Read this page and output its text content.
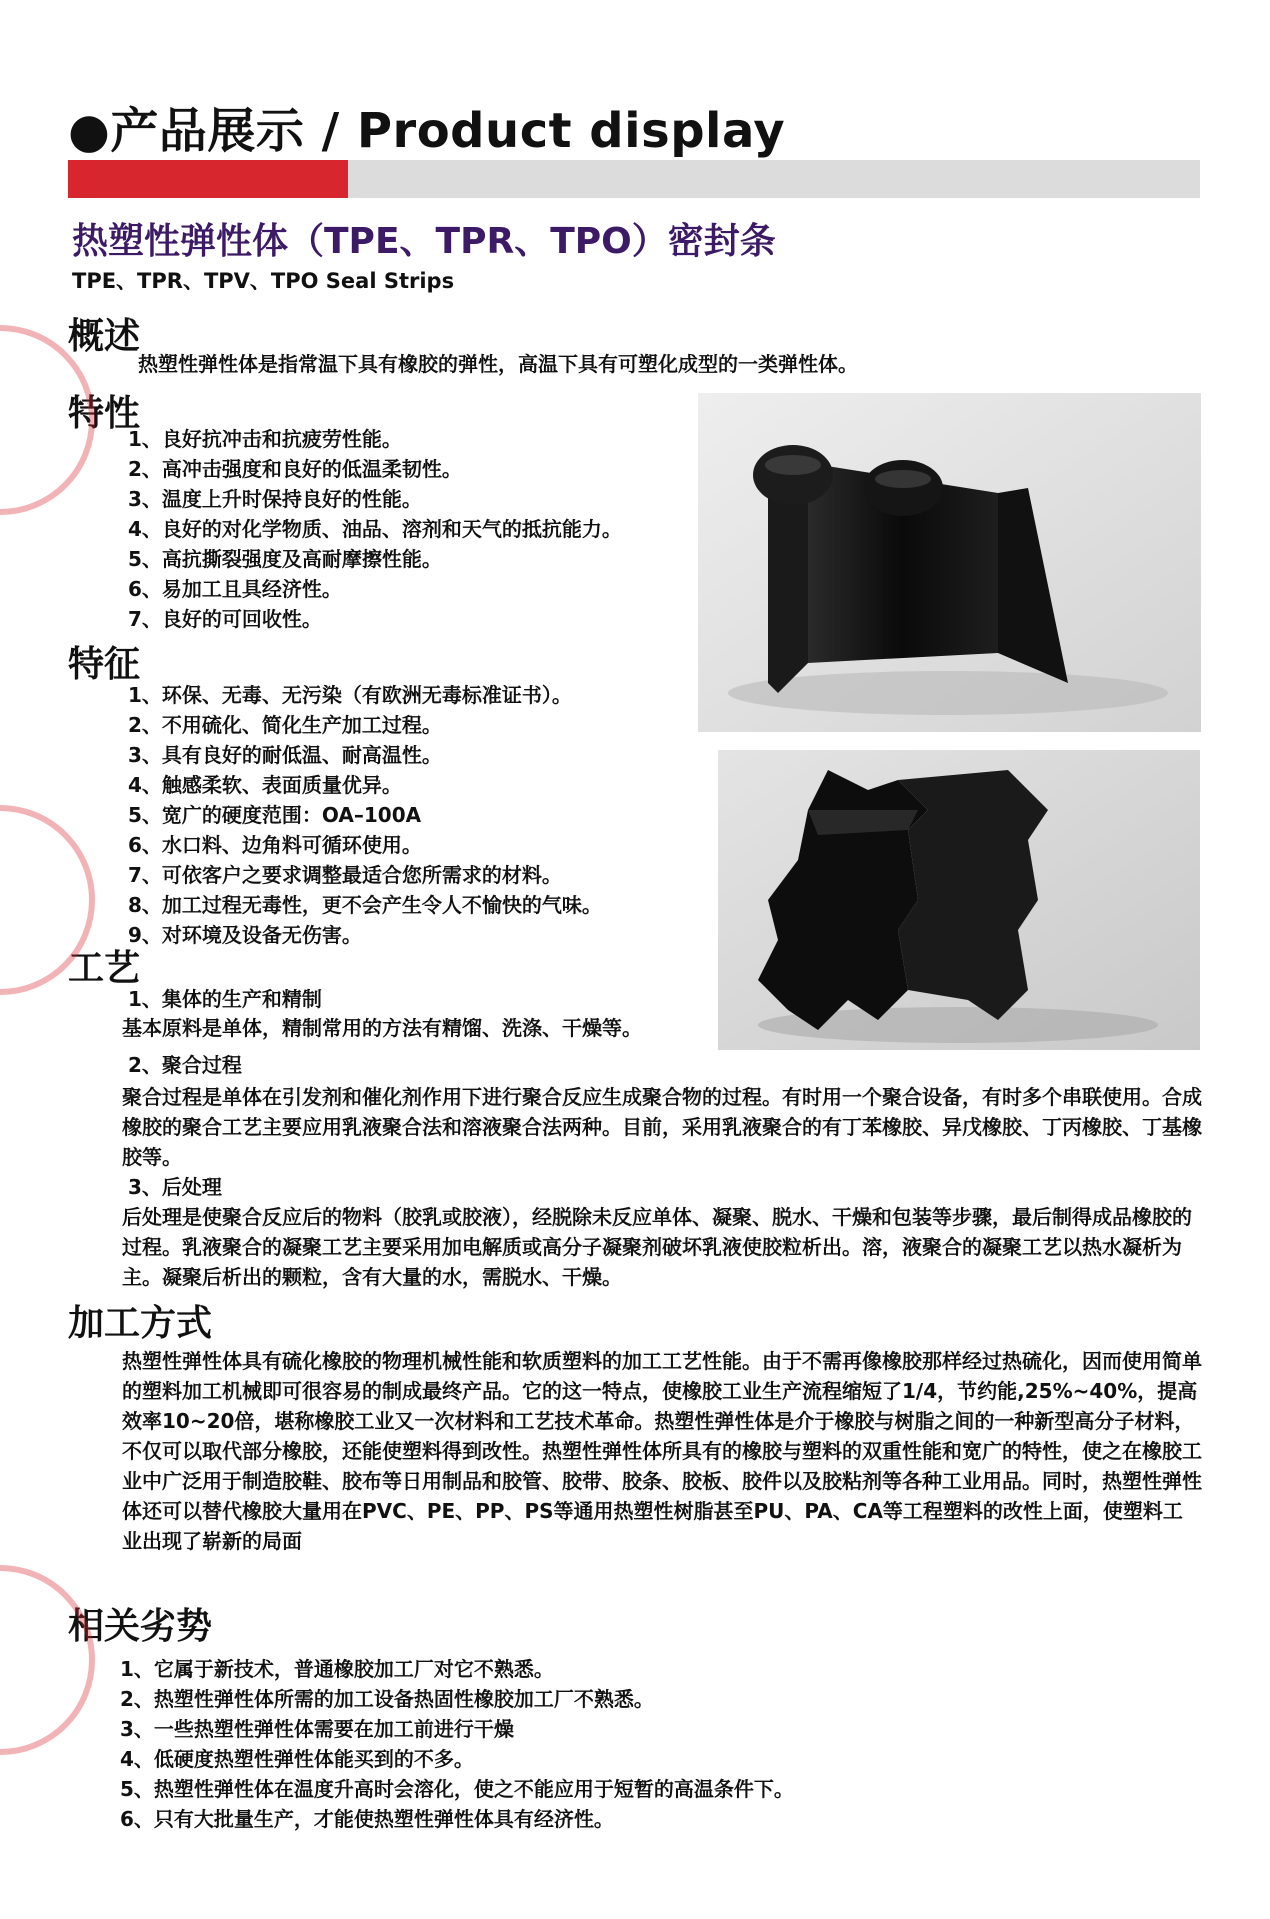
●产品展示 / Product display
热塑性弹性体（TPE、TPR、TPO）密封条
TPE、TPR、TPV、TPO Seal Strips
概述
热塑性弹性体是指常温下具有橡胶的弹性，高温下具有可塑化成型的一类弹性体。
特性
1、良好抗冲击和抗疲劳性能。
2、高冲击强度和良好的低温柔韧性。
3、温度上升时保持良好的性能。
4、良好的对化学物质、油品、溶剂和天气的抵抗能力。
5、高抗撕裂强度及高耐摩擦性能。
6、易加工且具经济性。
7、良好的可回收性。
特征
1、环保、无毒、无污染（有欧洲无毒标准证书）。
2、不用硫化、简化生产加工过程。
3、具有良好的耐低温、耐高温性。
4、触感柔软、表面质量优异。
5、宽广的硬度范围：OA–100A
6、水口料、边角料可循环使用。
7、可依客户之要求调整最适合您所需求的材料。
8、加工过程无毒性，更不会产生令人不愉快的气味。
9、对环境及设备无伤害。
工艺
1、集体的生产和精制
基本原料是单体，精制常用的方法有精馏、洗涤、干燥等。
2、聚合过程
聚合过程是单体在引发剂和催化剂作用下进行聚合反应生成聚合物的过程。有时用一个聚合设备，有时多个串联使用。合成橡胶的聚合工艺主要应用乳液聚合法和溶液聚合法两种。目前，采用乳液聚合的有丁苯橡胶、异戊橡胶、丁丙橡胶、丁基橡胶等。
3、后处理
后处理是使聚合反应后的物料（胶乳或胶液），经脱除未反应单体、凝聚、脱水、干燥和包装等步骤，最后制得成品橡胶的过程。乳液聚合的凝聚工艺主要采用加电解质或高分子凝聚剂破坏乳液使胶粒析出。溶，液聚合的凝聚工艺以热水凝析为主。凝聚后析出的颗粒，含有大量的水，需脱水、干燥。
加工方式
热塑性弹性体具有硫化橡胶的物理机械性能和软质塑料的加工工艺性能。由于不需再像橡胶那样经过热硫化，因而使用简单的塑料加工机械即可很容易的制成最终产品。它的这一特点，使橡胶工业生产流程缩短了1/4，节约能,25%~40%，提高效率10~20倍，堪称橡胶工业又一次材料和工艺技术革命。热塑性弹性体是介于橡胶与树脂之间的一种新型高分子材料，不仅可以取代部分橡胶，还能使塑料得到改性。热塑性弹性体所具有的橡胶与塑料的双重性能和宽广的特性，使之在橡胶工业中广泛用于制造胶鞋、胶布等日用制品和胶管、胶带、胶条、胶板、胶件以及胶粘剂等各种工业用品。同时，热塑性弹性体还可以替代橡胶大量用在PVC、PE、PP、PS等通用热塑性树脂甚至PU、PA、CA等工程塑料的改性上面，使塑料工业出现了崭新的局面
相关劣势
1、它属于新技术，普通橡胶加工厂对它不熟悉。
2、热塑性弹性体所需的加工设备热固性橡胶加工厂不熟悉。
3、一些热塑性弹性体需要在加工前进行干燥
4、低硬度热塑性弹性体能买到的不多。
5、热塑性弹性体在温度升高时会溶化，使之不能应用于短暂的高温条件下。
6、只有大批量生产，才能使热塑性弹性体具有经济性。
